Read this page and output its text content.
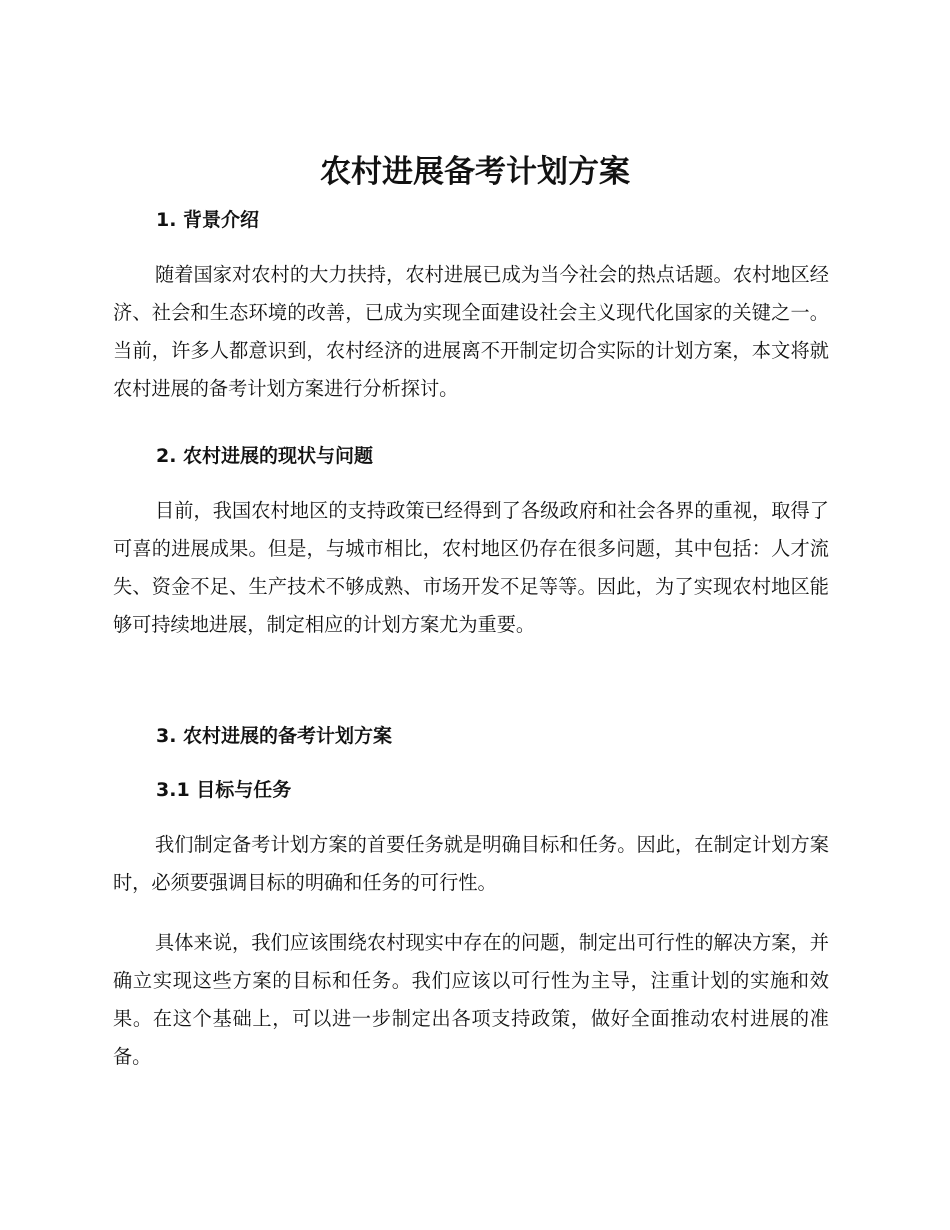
农村进展备考计划方案
1. 背景介绍

随着国家对农村的大力扶持，农村进展已成为当今社会的热点话题。农村地区经济、社会和生态环境的改善，已成为实现全面建设社会主义现代化国家的关键之一。当前，许多人都意识到，农村经济的进展离不开制定切合实际的计划方案，本文将就农村进展的备考计划方案进行分析探讨。

2. 农村进展的现状与问题

目前，我国农村地区的支持政策已经得到了各级政府和社会各界的重视，取得了可喜的进展成果。但是，与城市相比，农村地区仍存在很多问题，其中包括：人才流失、资金不足、生产技术不够成熟、市场开发不足等等。因此，为了实现农村地区能够可持续地进展，制定相应的计划方案尤为重要。

3. 农村进展的备考计划方案
3.1 目标与任务

我们制定备考计划方案的首要任务就是明确目标和任务。因此，在制定计划方案时，必须要强调目标的明确和任务的可行性。

具体来说，我们应该围绕农村现实中存在的问题，制定出可行性的解决方案，并确立实现这些方案的目标和任务。我们应该以可行性为主导，注重计划的实施和效果。在这个基础上，可以进一步制定出各项支持政策，做好全面推动农村进展的准备。
